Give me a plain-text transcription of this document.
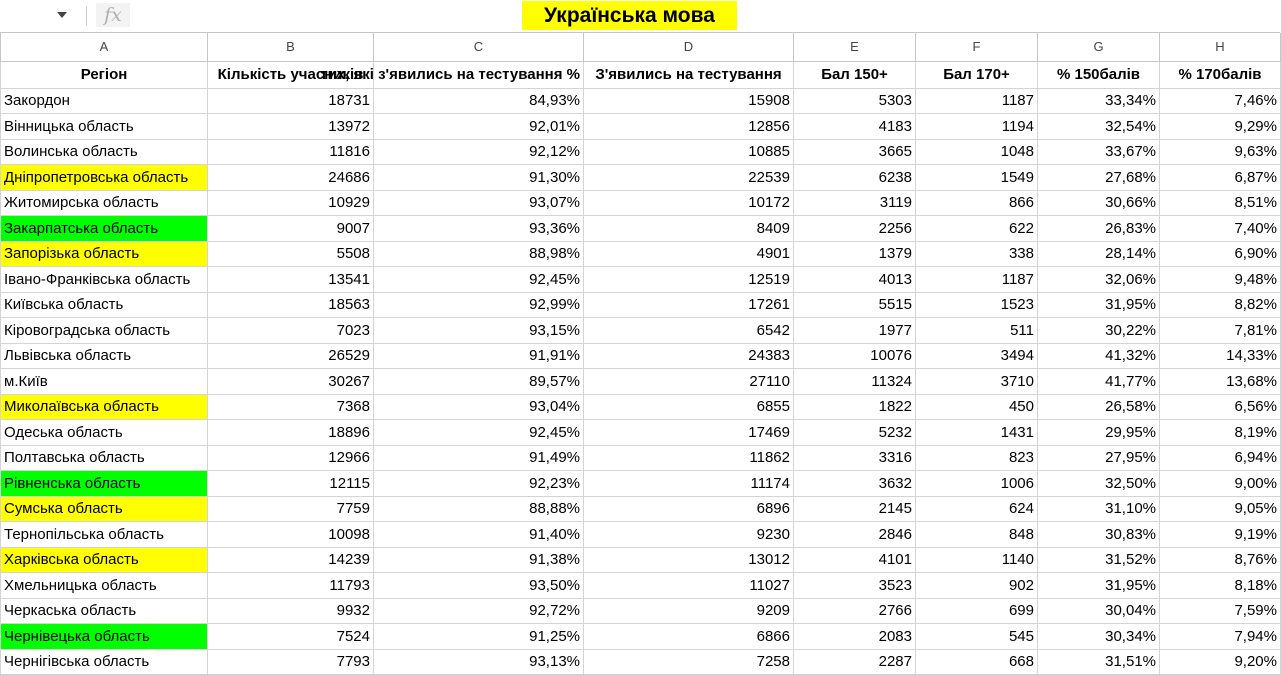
fx	Українська мова
A	B	C	D	E	F	G	H
Регіон	Кількість учасників	% тих, які з'явились на тестування	З'явились на тестування	Бал 150+	Бал 170+	% 150балів	% 170балів
Закордон	18731	84,93%	15908	5303	1187	33,34%	7,46%
Вінницька область	13972	92,01%	12856	4183	1194	32,54%	9,29%
Волинська область	11816	92,12%	10885	3665	1048	33,67%	9,63%
Дніпропетровська область	24686	91,30%	22539	6238	1549	27,68%	6,87%
Житомирська область	10929	93,07%	10172	3119	866	30,66%	8,51%
Закарпатська область	9007	93,36%	8409	2256	622	26,83%	7,40%
Запорізька область	5508	88,98%	4901	1379	338	28,14%	6,90%
Івано-Франківська область	13541	92,45%	12519	4013	1187	32,06%	9,48%
Київська область	18563	92,99%	17261	5515	1523	31,95%	8,82%
Кіровоградська область	7023	93,15%	6542	1977	511	30,22%	7,81%
Львівська область	26529	91,91%	24383	10076	3494	41,32%	14,33%
м.Київ	30267	89,57%	27110	11324	3710	41,77%	13,68%
Миколаївська область	7368	93,04%	6855	1822	450	26,58%	6,56%
Одеська область	18896	92,45%	17469	5232	1431	29,95%	8,19%
Полтавська область	12966	91,49%	11862	3316	823	27,95%	6,94%
Рівненська область	12115	92,23%	11174	3632	1006	32,50%	9,00%
Сумська область	7759	88,88%	6896	2145	624	31,10%	9,05%
Тернопільська область	10098	91,40%	9230	2846	848	30,83%	9,19%
Харківська область	14239	91,38%	13012	4101	1140	31,52%	8,76%
Хмельницька область	11793	93,50%	11027	3523	902	31,95%	8,18%
Черкаська область	9932	92,72%	9209	2766	699	30,04%	7,59%
Чернівецька область	7524	91,25%	6866	2083	545	30,34%	7,94%
Чернігівська область	7793	93,13%	7258	2287	668	31,51%	9,20%
